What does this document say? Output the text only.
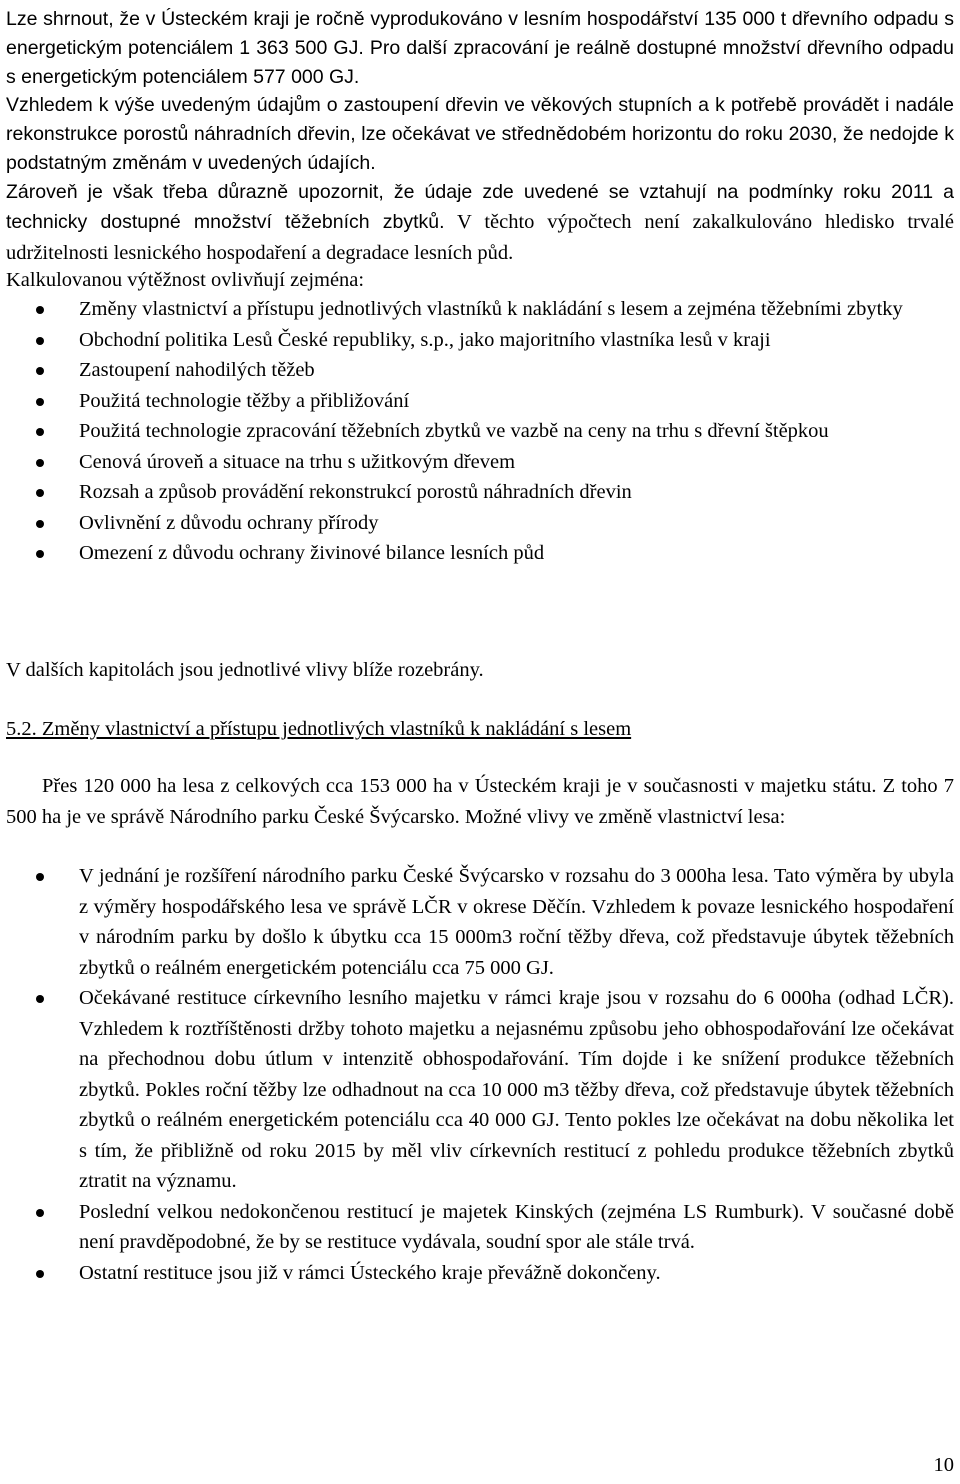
Lze shrnout, že v Ústeckém kraji je ročně vyprodukováno v lesním hospodářství 135 000 t dřevního odpadu s energetickým potenciálem 1 363 500 GJ. Pro další zpracování je reálně dostupné množství dřevního odpadu s energetickým potenciálem 577 000 GJ.

Vzhledem k výše uvedeným údajům o zastoupení dřevin ve věkových stupních a k potřebě provádět i nadále rekonstrukce porostů náhradních dřevin, lze očekávat ve střednědobém horizontu do roku 2030, že nedojde k podstatným změnám v uvedených údajích.

Zároveň je však třeba důrazně upozornit, že údaje zde uvedené se vztahují na podmínky roku 2011 a technicky dostupné množství těžebních zbytků. V těchto výpočtech není zakalkulováno hledisko trvalé udržitelnosti lesnického hospodaření a degradace lesních půd.

Kalkulovanou výtěžnost ovlivňují zejména:

Změny vlastnictví a přístupu jednotlivých vlastníků k nakládání s lesem a zejména těžebními zbytky
Obchodní politika Lesů České republiky, s.p., jako majoritního vlastníka lesů v kraji
Zastoupení nahodilých těžeb
Použitá technologie těžby a přibližování
Použitá technologie zpracování těžebních zbytků ve vazbě na ceny na trhu s dřevní štěpkou
Cenová úroveň a situace na trhu s užitkovým dřevem
Rozsah a způsob provádění rekonstrukcí porostů náhradních dřevin
Ovlivnění z důvodu ochrany přírody
Omezení z důvodu ochrany živinové bilance lesních půd

V dalších kapitolách jsou jednotlivé vlivy blíže rozebrány.

5.2. Změny vlastnictví a přístupu jednotlivých vlastníků k nakládání s lesem

Přes 120 000 ha lesa z celkových cca 153 000 ha v Ústeckém kraji je v současnosti v majetku státu. Z toho 7 500 ha je ve správě Národního parku České Švýcarsko. Možné vlivy ve změně vlastnictví lesa:

V jednání je rozšíření národního parku České Švýcarsko v rozsahu do 3 000ha lesa. Tato výměra by ubyla z výměry hospodářského lesa ve správě LČR v okrese Děčín. Vzhledem k povaze lesnického hospodaření v národním parku by došlo k úbytku cca 15 000m3 roční těžby dřeva, což představuje úbytek těžebních zbytků o reálném energetickém potenciálu cca 75 000 GJ.
Očekávané restituce církevního lesního majetku v rámci kraje jsou v rozsahu do 6 000ha (odhad LČR). Vzhledem k roztříštěnosti držby tohoto majetku a nejasnému způsobu jeho obhospodařování lze očekávat na přechodnou dobu útlum v intenzitě obhospodařování. Tím dojde i ke snížení produkce těžebních zbytků. Pokles roční těžby lze odhadnout na cca 10 000 m3 těžby dřeva, což představuje úbytek těžebních zbytků o reálném energetickém potenciálu cca 40 000 GJ. Tento pokles lze očekávat na dobu několika let s tím, že přibližně od roku 2015 by měl vliv církevních restitucí z pohledu produkce těžebních zbytků ztratit na významu.
Poslední velkou nedokončenou restitucí je majetek Kinských (zejména LS Rumburk). V současné době není pravděpodobné, že by se restituce vydávala, soudní spor ale stále trvá.
Ostatní restituce jsou již v rámci Ústeckého kraje převážně dokončeny.
10
